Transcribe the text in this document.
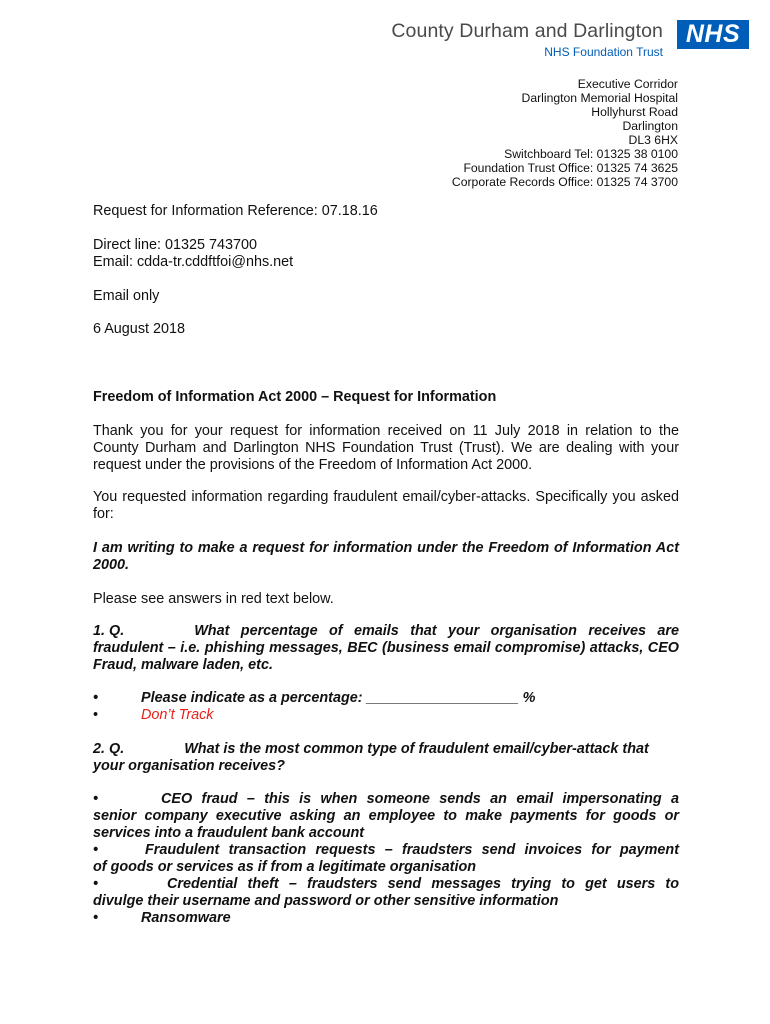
County Durham and Darlington
NHS Foundation Trust
NHS
Executive Corridor
Darlington Memorial Hospital
Hollyhurst Road
Darlington
DL3 6HX
Switchboard Tel: 01325 38 0100
Foundation Trust Office: 01325 74 3625
Corporate Records Office: 01325 74 3700
Request for Information Reference: 07.18.16
Direct line: 01325 743700
Email: cdda-tr.cddftfoi@nhs.net
Email only
6 August 2018
Freedom of Information Act 2000 – Request for Information
Thank you for your request for information received on 11 July 2018 in relation to the County Durham and Darlington NHS Foundation Trust (Trust). We are dealing with your request under the provisions of the Freedom of Information Act 2000.
You requested information regarding fraudulent email/cyber-attacks. Specifically you asked for:
I am writing to make a request for information under the Freedom of Information Act 2000.
Please see answers in red text below.
1. Q.	What percentage of emails that your organisation receives are
fraudulent – i.e. phishing messages, BEC (business email compromise) attacks, CEO Fraud, malware laden, etc.
•	Please indicate as a percentage: ___________________ %
•	Don’t Track
2. Q.	What is the most common type of fraudulent email/cyber-attack that your organisation receives?
•	CEO fraud – this is when someone sends an email impersonating a
senior company executive asking an employee to make payments for goods or services into a fraudulent bank account
•	Fraudulent transaction requests – fraudsters send invoices for payment
of goods or services as if from a legitimate organisation
•	Credential theft – fraudsters send messages trying to get users to
divulge their username and password or other sensitive information
•	Ransomware
